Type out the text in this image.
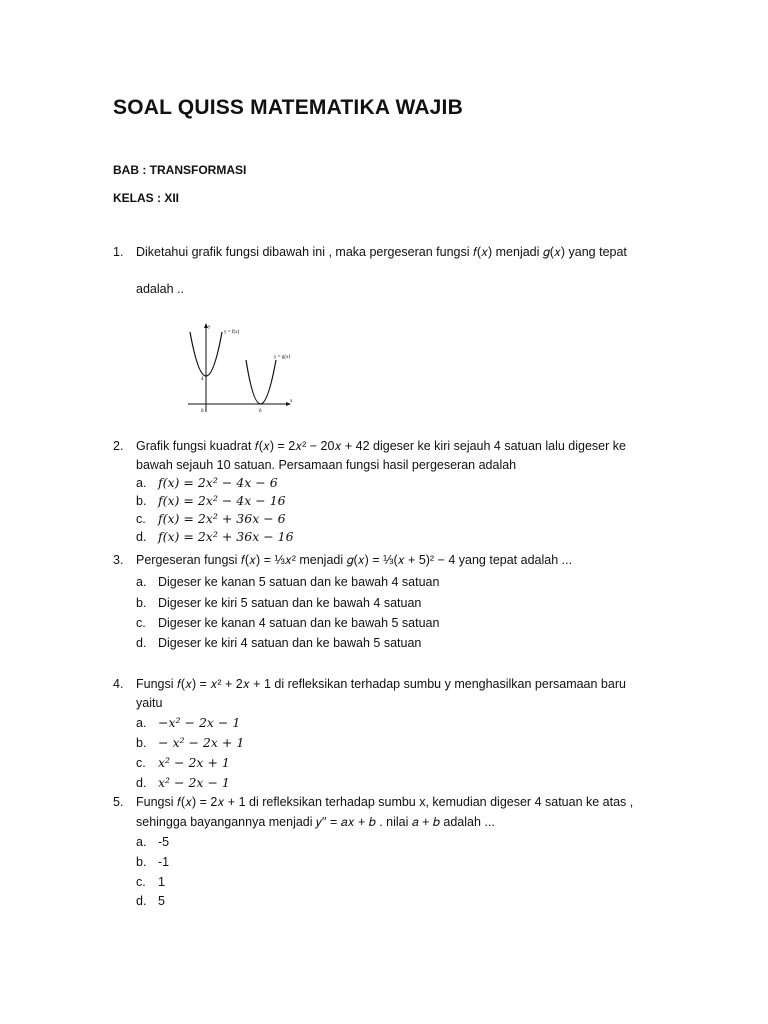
SOAL QUISS MATEMATIKA WAJIB
BAB : TRANSFORMASI
KELAS : XII
1. Diketahui grafik fungsi dibawah ini , maka pergeseran fungsi 𝑓(𝑥) menjadi 𝑔(𝑥) yang tepat
adalah ..
y = f(x)
y = g(x)
y
x
0
4
6
2. Grafik fungsi kuadrat 𝑓(𝑥) = 2𝑥² − 20𝑥 + 42 digeser ke kiri sejauh 4 satuan lalu digeser ke
bawah sejauh 10 satuan. Persamaan fungsi hasil pergeseran adalah
a. 𝑓(𝑥) = 2𝑥² − 4𝑥 − 6
b. 𝑓(𝑥) = 2𝑥² − 4𝑥 − 16
c. 𝑓(𝑥) = 2𝑥² + 36𝑥 − 6
d. 𝑓(𝑥) = 2𝑥² + 36𝑥 − 16
3. Pergeseran fungsi 𝑓(𝑥) = ⅓𝑥² menjadi 𝑔(𝑥) = ⅓(𝑥 + 5)² − 4 yang tepat adalah ...
a. Digeser ke kanan 5 satuan dan ke bawah 4 satuan
b. Digeser ke kiri 5 satuan dan ke bawah 4 satuan
c. Digeser ke kanan 4 satuan dan ke bawah 5 satuan
d. Digeser ke kiri 4 satuan dan ke bawah 5 satuan
4. Fungsi 𝑓(𝑥) = 𝑥² + 2𝑥 + 1 di refleksikan terhadap sumbu y menghasilkan persamaan baru
yaitu
a. −𝑥² − 2𝑥 − 1
b. − 𝑥² − 2𝑥 + 1
c. 𝑥² − 2𝑥 + 1
d. 𝑥² − 2𝑥 − 1
5. Fungsi 𝑓(𝑥) = 2𝑥 + 1 di refleksikan terhadap sumbu x, kemudian digeser 4 satuan ke atas ,
sehingga bayangannya menjadi 𝑦′′ = 𝑎𝑥 + 𝑏 . nilai 𝑎 + 𝑏 adalah ...
a. -5
b. -1
c. 1
d. 5
